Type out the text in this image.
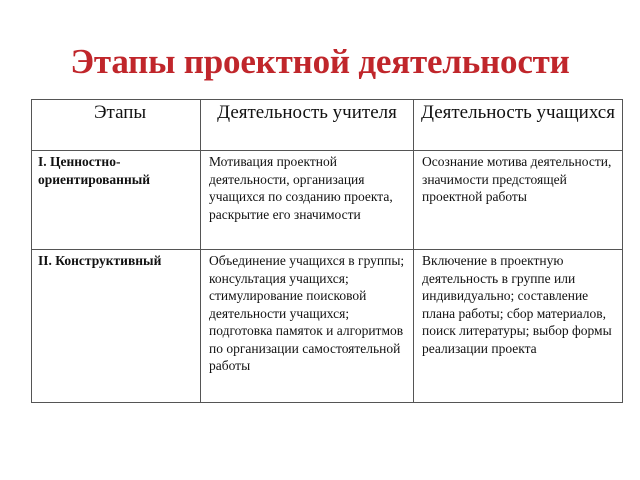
Этапы проектной деятельности
Этапы	Деятельность учителя	Деятельность учащихся
I. Ценностно-ориентированный	Мотивация проектной деятельности, организация учащихся по созданию проекта, раскрытие его значимости	Осознание мотива деятельности, значимости предстоящей проектной работы
II. Конструктивный	Объединение учащихся в группы; консультация учащихся; стимулирование поисковой деятельности учащихся; подготовка памяток и алгоритмов по организации самостоятельной работы	Включение в проектную деятельность в группе или индивидуально; составление плана работы; сбор материалов, поиск литературы; выбор формы реализации проекта
